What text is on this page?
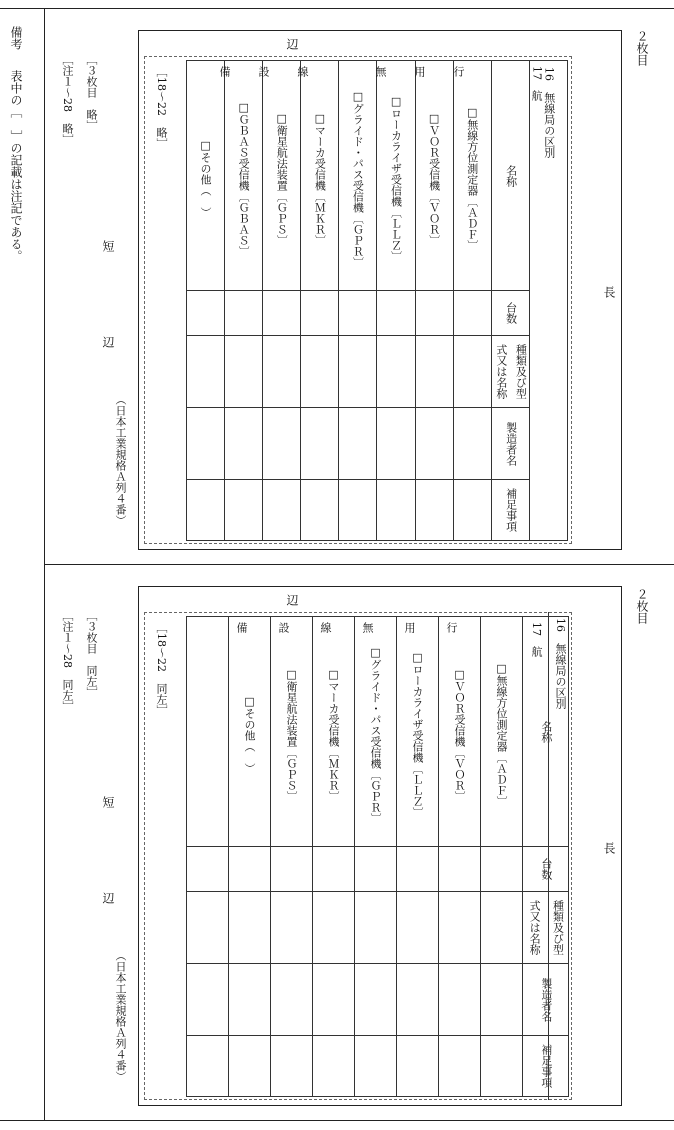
備考
表中の［　］の記載は注記である。
２枚目
長
辺
短
辺
（日本工業規格Ａ列４番）
［３枚目　略］
［注１～28　略］	［18～22　略］
□その他（　）	□ＧＢＡＳ受信機〔ＧＢＡＳ〕	□衛星航法装置〔ＧＰＳ〕	□マーカ受信機〔ＭＫＲ〕	□グライド・パス受信機〔ＧＰＲ〕	□ローカライザ受信機〔ＬＬＺ〕	□ＶＯＲ受信機〔ＶＯＲ〕	□無線方位測定器〔ＡＤＦ〕	名称	16　無線局の区別

								台数	

								種類及び型
式又は名称	

								製造者名	

								補足事項	
17
航
行
用
無
線
設
備
２枚目
長
辺
短
辺
（日本工業規格Ａ列４番）
［３枚目　同左］
［注１～28　同左］	［18～22　同左］

	□その他（　）	□衛星航法装置〔ＧＰＳ〕	□マーカ受信機〔ＭＫＲ〕	□グライド・パス受信機〔ＧＰＲ〕	□ローカライザ受信機〔ＬＬＺ〕	□ＶＯＲ受信機〔ＶＯＲ〕	□無線方位測定器〔ＡＤＦ〕	名称

								台数

								種類及び型
式又は名称

								製造者名

								補足事項
16　無線局の区別
17
航
行
用
無
線
設
備
